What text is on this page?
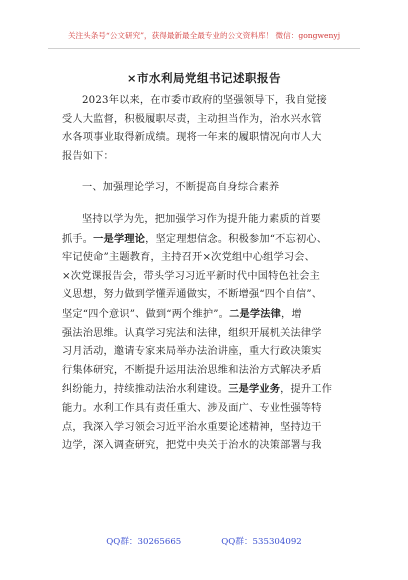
关注头条号“公文研究”，获得最新最全最专业的公文资料库！ 微信：gongwenyj
×市水利局党组书记述职报告

2023年以来，在市委市政府的坚强领导下，我自觉接
受人大监督，积极履职尽责，主动担当作为，治水兴水管
水各项事业取得新成绩。现将一年来的履职情况向市人大
报告如下：

一、加强理论学习，不断提高自身综合素养

坚持以学为先，把加强学习作为提升能力素质的首要
抓手。一是学理论，坚定理想信念。积极参加“不忘初心、
牢记使命”主题教育，主持召开×次党组中心组学习会、
×次党课报告会，带头学习习近平新时代中国特色社会主
义思想，努力做到学懂弄通做实，不断增强“四个自信”、
坚定“四个意识”、做到“两个维护”。二是学法律，增
强法治思维。认真学习宪法和法律，组织开展机关法律学
习月活动，邀请专家来局举办法治讲座，重大行政决策实
行集体研究，不断提升运用法治思维和法治方式解决矛盾
纠纷能力，持续推动法治水利建设。三是学业务，提升工作
能力。水利工作具有责任重大、涉及面广、专业性强等特
点，我深入学习领会习近平治水重要论述精神，坚持边干
边学，深入调查研究，把党中央关于治水的决策部署与我

QQ群：30265665	QQ群：535304092
